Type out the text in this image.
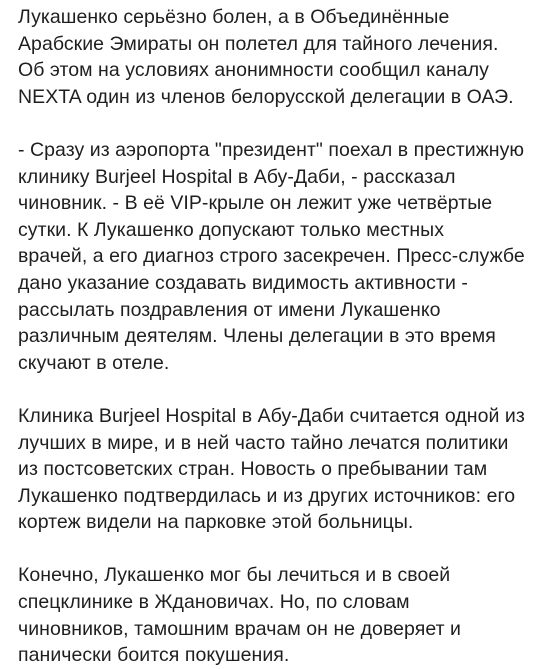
Лукашенко серьёзно болен, а в Объединённые
Арабские Эмираты он полетел для тайного лечения.
Об этом на условиях анонимности сообщил каналу
NEXTA один из членов белорусской делегации в ОАЭ.

- Сразу из аэропорта "президент" поехал в престижную
клинику Burjeel Hospital в Абу-Даби, - рассказал
чиновник. - В её VIP-крыле он лежит уже четвёртые
сутки. К Лукашенко допускают только местных
врачей, а его диагноз строго засекречен. Пресс-службе
дано указание создавать видимость активности -
рассылать поздравления от имени Лукашенко
различным деятелям. Члены делегации в это время
скучают в отеле.

Клиника Burjeel Hospital в Абу-Даби считается одной из
лучших в мире, и в ней часто тайно лечатся политики
из постсоветских стран. Новость о пребывании там
Лукашенко подтвердилась и из других источников: его
кортеж видели на парковке этой больницы.

Конечно, Лукашенко мог бы лечиться и в своей
спецклинике в Ждановичах. Но, по словам
чиновников, тамошним врачам он не доверяет и
панически боится покушения.
